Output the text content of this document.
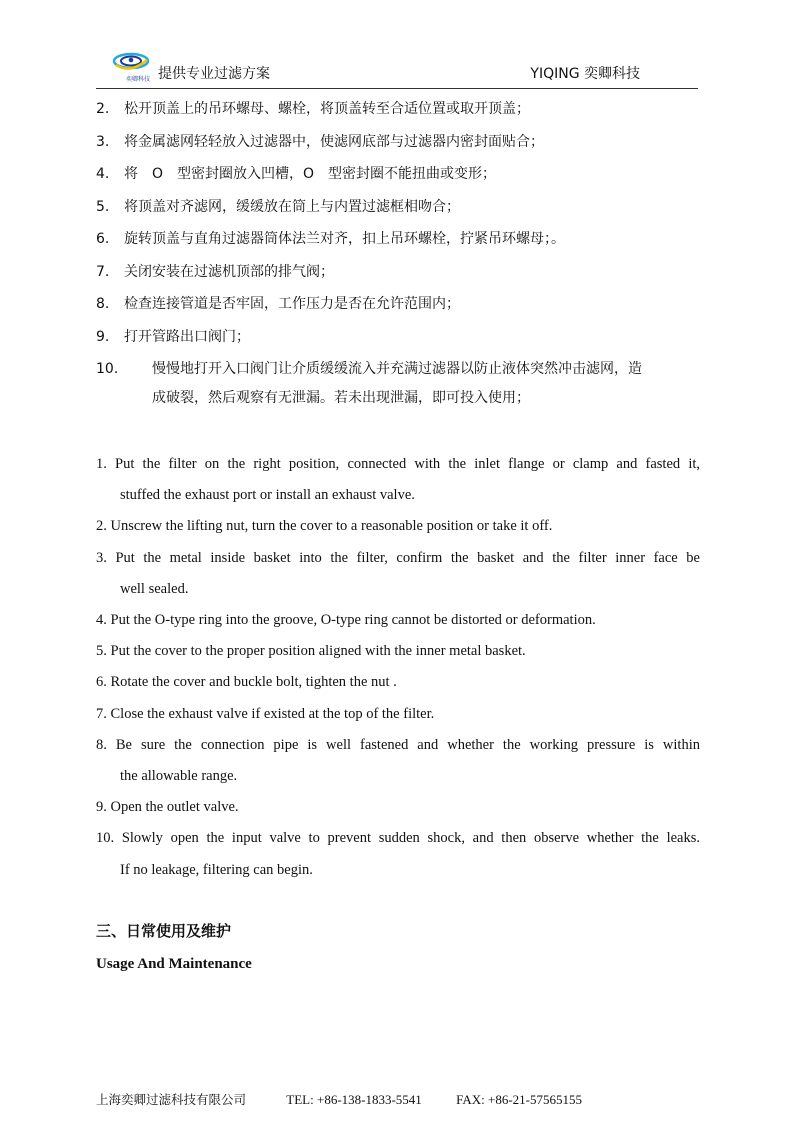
奕卿科技 提供专业过滤方案	YIQING 奕卿科技
2.	松开顶盖上的吊环螺母、螺栓，将顶盖转至合适位置或取开顶盖；
3.	将金属滤网轻轻放入过滤器中，使滤网底部与过滤器内密封面贴合；
4.	将　O　型密封圈放入凹槽，O　型密封圈不能扭曲或变形；
5.	将顶盖对齐滤网，缓缓放在筒上与内置过滤框相吻合；
6.	旋转顶盖与直角过滤器筒体法兰对齐，扣上吊环螺栓，拧紧吊环螺母；。
7.	关闭安装在过滤机顶部的排气阀；
8.	检查连接管道是否牢固，工作压力是否在允许范围内；
9.	打开管路出口阀门；
10. 慢慢地打开入口阀门让介质缓缓流入并充满过滤器以防止液体突然冲击滤网，造
成破裂，然后观察有无泄漏。若未出现泄漏，即可投入使用；
1. Put the filter on the right position, connected with the inlet flange or clamp and fasted it,
stuffed the exhaust port or install an exhaust valve.
2. Unscrew the lifting nut, turn the cover to a reasonable position or take it off.
3. Put the metal inside basket into the filter, confirm the basket and the filter inner face be
well sealed.
4. Put the O-type ring into the groove, O-type ring cannot be distorted or deformation.
5. Put the cover to the proper position aligned with the inner metal basket.
6. Rotate the cover and buckle bolt, tighten the nut .
7. Close the exhaust valve if existed at the top of the filter.
8. Be sure the connection pipe is well fastened and whether the working pressure is within
the allowable range.
9. Open the outlet valve.
10. Slowly open the input valve to prevent sudden shock, and then observe whether the leaks.
If no leakage, filtering can begin.
三、日常使用及维护
Usage And Maintenance
上海奕卿过滤科技有限公司	TEL: +86-138-1833-5541	FAX: +86-21-57565155
